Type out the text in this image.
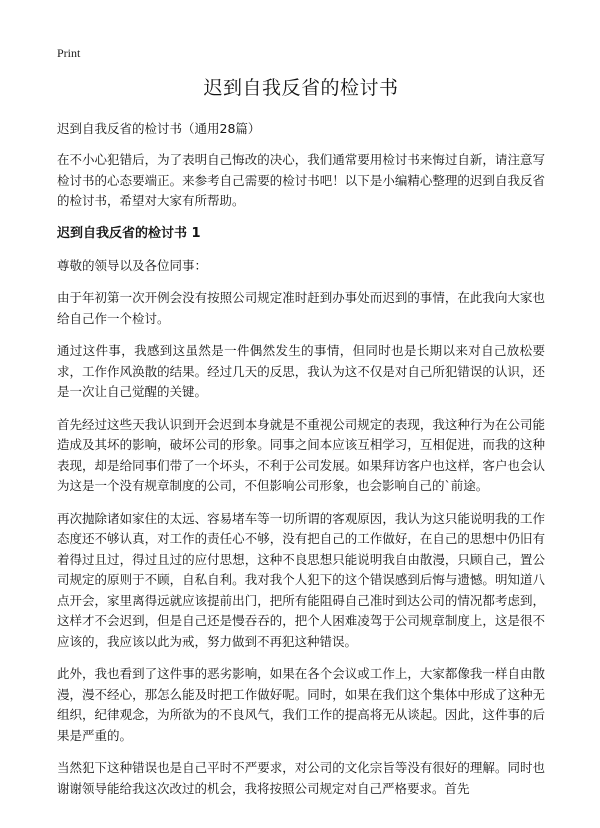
Print
迟到自我反省的检讨书

迟到自我反省的检讨书（通用28篇）

在不小心犯错后，为了表明自己悔改的决心，我们通常要用检讨书来悔过自新，请注意写检讨书的心态要端正。来参考自己需要的检讨书吧！以下是小编精心整理的迟到自我反省的检讨书，希望对大家有所帮助。

迟到自我反省的检讨书 1

尊敬的领导以及各位同事：

由于年初第一次开例会没有按照公司规定准时赶到办事处而迟到的事情，在此我向大家也给自己作一个检讨。

通过这件事，我感到这虽然是一件偶然发生的事情，但同时也是长期以来对自己放松要求，工作作风涣散的结果。经过几天的反思，我认为这不仅是对自己所犯错误的认识，还是一次让自己觉醒的关键。

首先经过这些天我认识到开会迟到本身就是不重视公司规定的表现，我这种行为在公司能造成及其坏的影响，破坏公司的形象。同事之间本应该互相学习，互相促进，而我的这种表现，却是给同事们带了一个坏头，不利于公司发展。如果拜访客户也这样，客户也会认为这是一个没有规章制度的公司，不但影响公司形象，也会影响自己的`前途。

再次抛除诸如家住的太远、容易堵车等一切所谓的客观原因，我认为这只能说明我的工作态度还不够认真，对工作的责任心不够，没有把自己的工作做好，在自己的思想中仍旧有着得过且过，得过且过的应付思想，这种不良思想只能说明我自由散漫，只顾自己，置公司规定的原则于不顾，自私自利。我对我个人犯下的这个错误感到后悔与遗憾。明知道八点开会，家里离得远就应该提前出门，把所有能阻碍自己准时到达公司的情况都考虑到，这样才不会迟到，但是自己还是慢吞吞的，把个人困难凌驾于公司规章制度上，这是很不应该的，我应该以此为戒，努力做到不再犯这种错误。

此外，我也看到了这件事的恶劣影响，如果在各个会议或工作上，大家都像我一样自由散漫，漫不经心，那怎么能及时把工作做好呢。同时，如果在我们这个集体中形成了这种无组织，纪律观念，为所欲为的不良风气，我们工作的提高将无从谈起。因此，这件事的后果是严重的。

当然犯下这种错误也是自己平时不严要求，对公司的文化宗旨等没有很好的理解。同时也谢谢领导能给我这次改过的机会，我将按照公司规定对自己严格要求。首先
